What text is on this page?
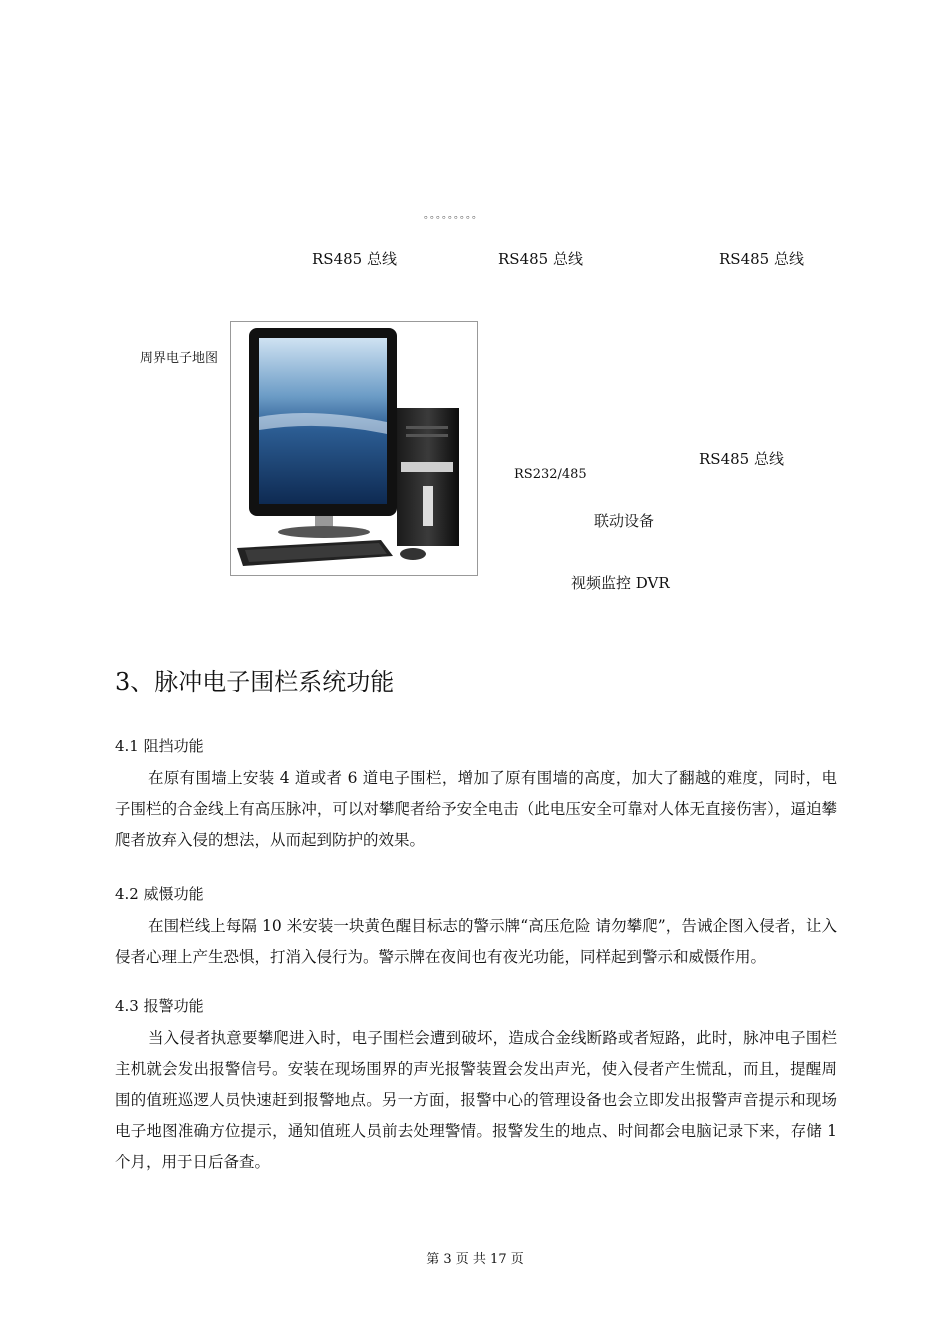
。。。。。。。。。
RS485 总线	RS485 总线	RS485 总线
周界电子地图
RS485 总线
RS232/485
联动设备
视频监控 DVR
3、脉冲电子围栏系统功能
4.1 阻挡功能

在原有围墙上安装 4 道或者 6 道电子围栏，增加了原有围墙的高度，加大了翻越的难度，同时，电子围栏的合金线上有高压脉冲，可以对攀爬者给予安全电击（此电压安全可靠对人体无直接伤害），逼迫攀爬者放弃入侵的想法，从而起到防护的效果。

4.2 威慑功能

在围栏线上每隔 10 米安装一块黄色醒目标志的警示牌“高压危险 请勿攀爬”，告诫企图入侵者，让入侵者心理上产生恐惧，打消入侵行为。警示牌在夜间也有夜光功能，同样起到警示和威慑作用。

4.3 报警功能

当入侵者执意要攀爬进入时，电子围栏会遭到破坏，造成合金线断路或者短路，此时，脉冲电子围栏主机就会发出报警信号。安装在现场围界的声光报警装置会发出声光，使入侵者产生慌乱，而且，提醒周围的值班巡逻人员快速赶到报警地点。另一方面，报警中心的管理设备也会立即发出报警声音提示和现场电子地图准确方位提示，通知值班人员前去处理警情。报警发生的地点、时间都会电脑记录下来，存储 1 个月，用于日后备查。

第 3 页 共 17 页
